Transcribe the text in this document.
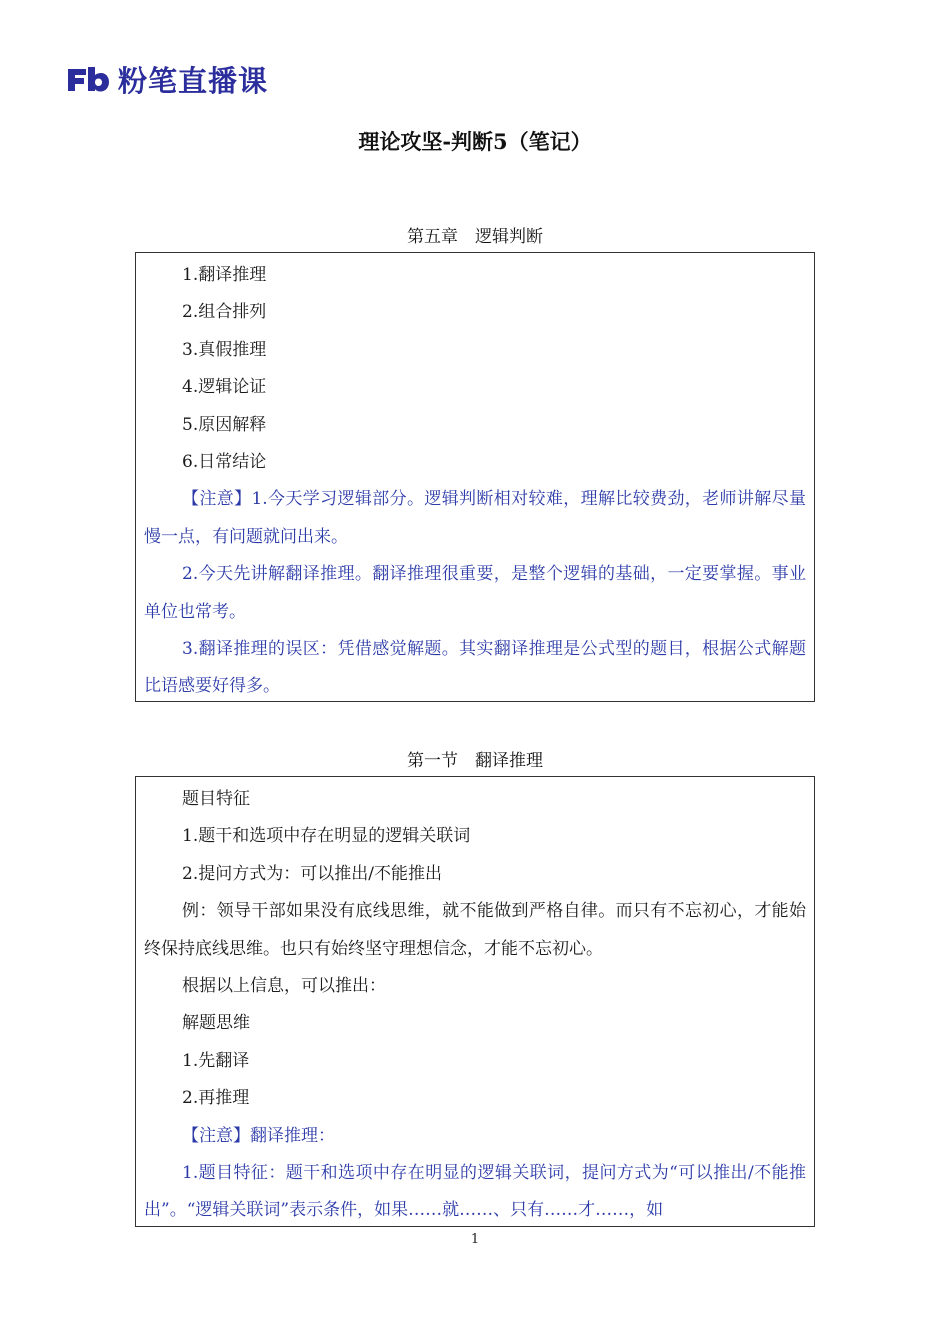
粉笔直播课
理论攻坚-判断5（笔记）
第五章　逻辑判断

1.翻译推理

2.组合排列

3.真假推理

4.逻辑论证

5.原因解释

6.日常结论

【注意】1.今天学习逻辑部分。逻辑判断相对较难，理解比较费劲，老师讲解尽量慢一点，有问题就问出来。

2.今天先讲解翻译推理。翻译推理很重要，是整个逻辑的基础，一定要掌握。事业单位也常考。

3.翻译推理的误区：凭借感觉解题。其实翻译推理是公式型的题目，根据公式解题比语感要好得多。

第一节　翻译推理

题目特征

1.题干和选项中存在明显的逻辑关联词

2.提问方式为：可以推出/不能推出

例：领导干部如果没有底线思维，就不能做到严格自律。而只有不忘初心，才能始终保持底线思维。也只有始终坚守理想信念，才能不忘初心。

根据以上信息，可以推出：

解题思维

1.先翻译

2.再推理

【注意】翻译推理：

1.题目特征：题干和选项中存在明显的逻辑关联词，提问方式为“可以推出/不能推出”。“逻辑关联词”表示条件，如果……就……、只有……才……，如

1
